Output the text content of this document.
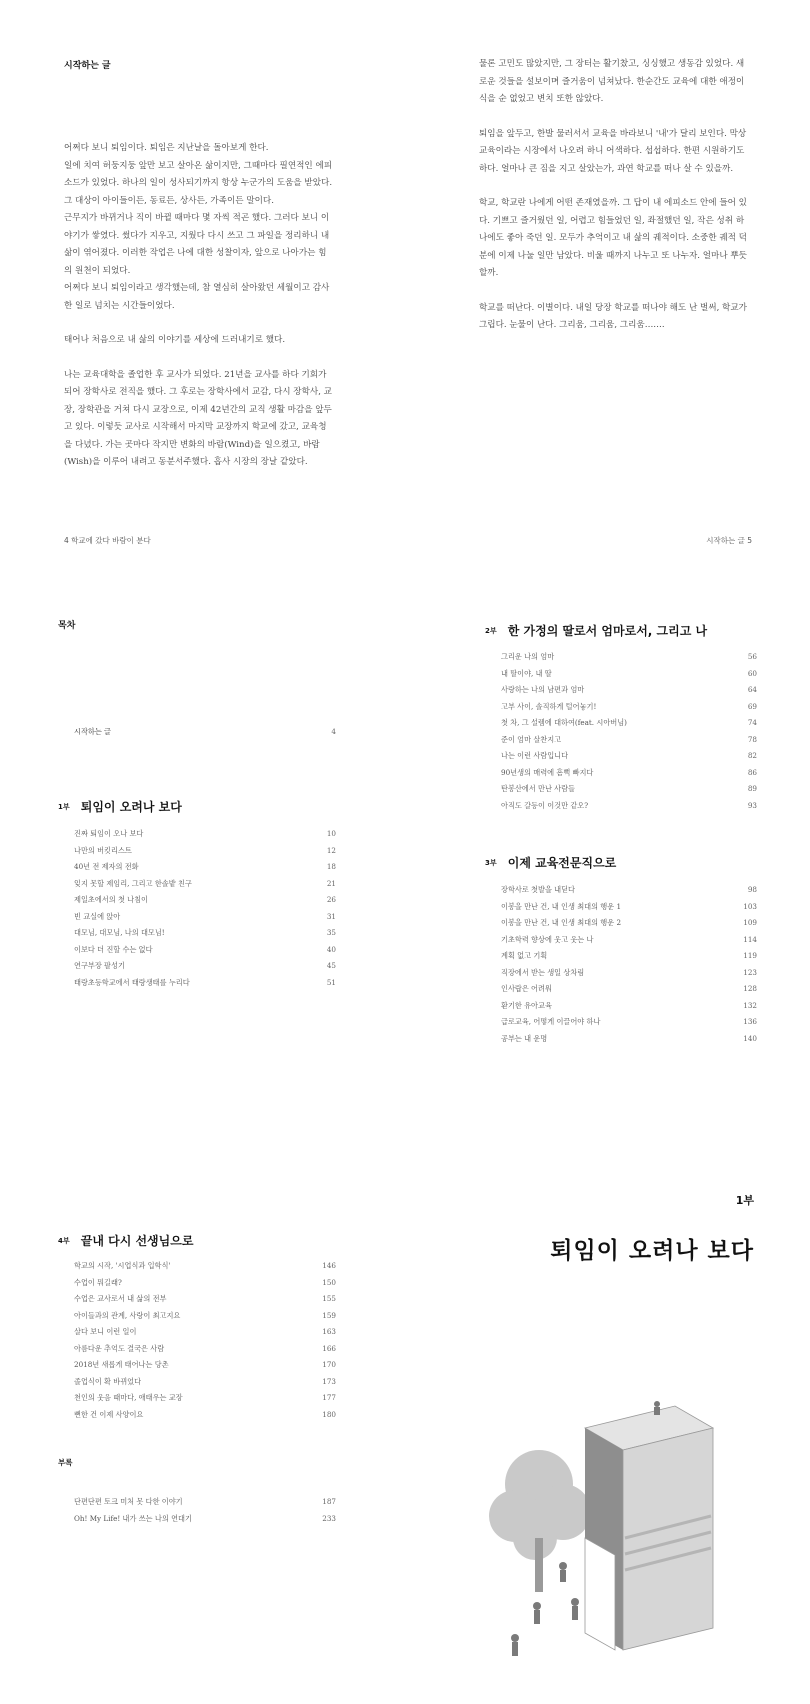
시작하는 글

어쩌다 보니 퇴임이다. 퇴임은 지난날을 돌아보게 한다.

일에 치여 허둥지둥 앞만 보고 살아온 삶이지만, 그때마다 필연적인 에피소드가 있었다. 하나의 일이 성사되기까지 항상 누군가의 도움을 받았다. 그 대상이 아이들이든, 동료든, 상사든, 가족이든 말이다.

근무지가 바뀌거나 직이 바뀔 때마다 몇 자씩 적곤 했다. 그러다 보니 이야기가 쌓였다. 썼다가 지우고, 지웠다 다시 쓰고 그 파일을 정리하니 내 삶이 엮어졌다. 이러한 작업은 나에 대한 성찰이자, 앞으로 나아가는 힘의 원천이 되었다.

어쩌다 보니 퇴임이라고 생각했는데, 참 열심히 살아왔던 세월이고 감사한 일로 넘치는 시간들이었다.

태어나 처음으로 내 삶의 이야기를 세상에 드러내기로 했다.

나는 교육대학을 졸업한 후 교사가 되었다. 21년을 교사를 하다 기회가 되어 장학사로 전직을 했다. 그 후로는 장학사에서 교감, 다시 장학사, 교장, 장학관을 거쳐 다시 교장으로, 이제 42년간의 교직 생활 마감을 앞두고 있다. 이렇듯 교사로 시작해서 마지막 교장까지 학교에 갔고, 교육청을 다녔다. 가는 곳마다 작지만 변화의 바람(Wind)을 일으켰고, 바람(Wish)을 이루어 내려고 동분서주했다. 흡사 시장의 장날 같았다.

4 학교에 갔다 바람이 분다

물론 고민도 많았지만, 그 장터는 활기찼고, 싱싱했고 생동감 있었다. 새로운 것들을 설보이며 즐거움이 넘쳐났다. 한순간도 교육에 대한 애정이 식을 순 없었고 변치 또한 않았다.

퇴임을 앞두고, 한발 물러서서 교육을 바라보니 '내'가 달리 보인다. 막상 교육이라는 시장에서 나오려 하니 어색하다. 섭섭하다. 한편 시원하기도 하다. 얼마나 큰 짐을 지고 살았는가, 과연 학교를 떠나 살 수 있을까.

학교, 학교란 나에게 어떤 존재였을까. 그 답이 내 에피소드 안에 들어 있다. 기쁘고 즐거웠던 일, 어렵고 힘들었던 일, 좌절했던 일, 작은 성취 하나에도 좋아 죽던 일. 모두가 추억이고 내 삶의 궤적이다. 소중한 궤적 덕분에 이제 나눌 일만 남았다. 비울 때까지 나누고 또 나누자. 얼마나 뿌듯할까.

학교를 떠난다. 이별이다. 내일 당장 학교를 떠나야 해도 난 벌써, 학교가 그립다. 눈물이 난다. 그리움, 그리움, 그리움…….

시작하는 글 5
목차
시작하는 글	4
1부 퇴임이 오려나 보다
진짜 퇴임이 오나 보다	10
나만의 버킷리스트	12
40년 전 제자의 전화	18
잊지 못할 제임리, 그리고 한솔밭 친구	21
제일초에서의 첫 나침이	26
빈 교실에 앉아	31
대모님, 대모님, 나의 대모님!	35
이보다 더 진할 수는 없다	40
연구부장 팔성기	45
태랑초등학교에서 태랑생태를 누리다	51
2부 한 가정의 딸로서 엄마로서, 그리고 나
그리운 나의 엄마	56
내 딸이야, 내 딸	60
사랑하는 나의 남편과 엄마	64
고부 사이, 솔직하게 털어놓기!	69
첫 차, 그 설렘에 대하여(feat. 시아버님)	74
준이 엄마 살찬지고	78
나는 이런 사람입니다	82
90년생의 매력에 흠뻑 빠지다	86
탄봉산에서 만난 사람들	89
아직도 갈등이 이것만 같오?	93
3부 이제 교육전문직으로
장학사로 첫발을 내딛다	98
이봉을 만난 건, 내 인생 최대의 행운 1	103
이봉을 만난 건, 내 인생 최대의 행운 2	109
기초학력 향상에 웃고 웃는 나	114
계획 없고 기획	119
직장에서 받는 생일 상차림	123
인사랍은 어려워	128
환기한 유아교육	132
급로교육, 어떻게 이끌어야 하나	136
공부는 내 운명	140
4부 끝내 다시 선생님으로
학교의 시작, '시업식과 입학식'	146
수업이 뭐길래?	150
수업은 교사로서 내 삶의 전부	155
아이들과의 관계, 사랑이 최고지요	159
살다 보니 이런 일이	163
아름다운 추억도 결국은 사람	166
2018년 새롭게 태어나는 당촌	170
졸업식이 확 바뀌었다	173
천인의 웃음 때마다, 애태우는 교장	177
뻔한 건 이제 사양이요	180
부록
단편단편 토크 미처 못 다한 이야기	187
Oh! My Life! 내가 쓰는 나의 연대기	233
1부
퇴임이 오려나 보다
